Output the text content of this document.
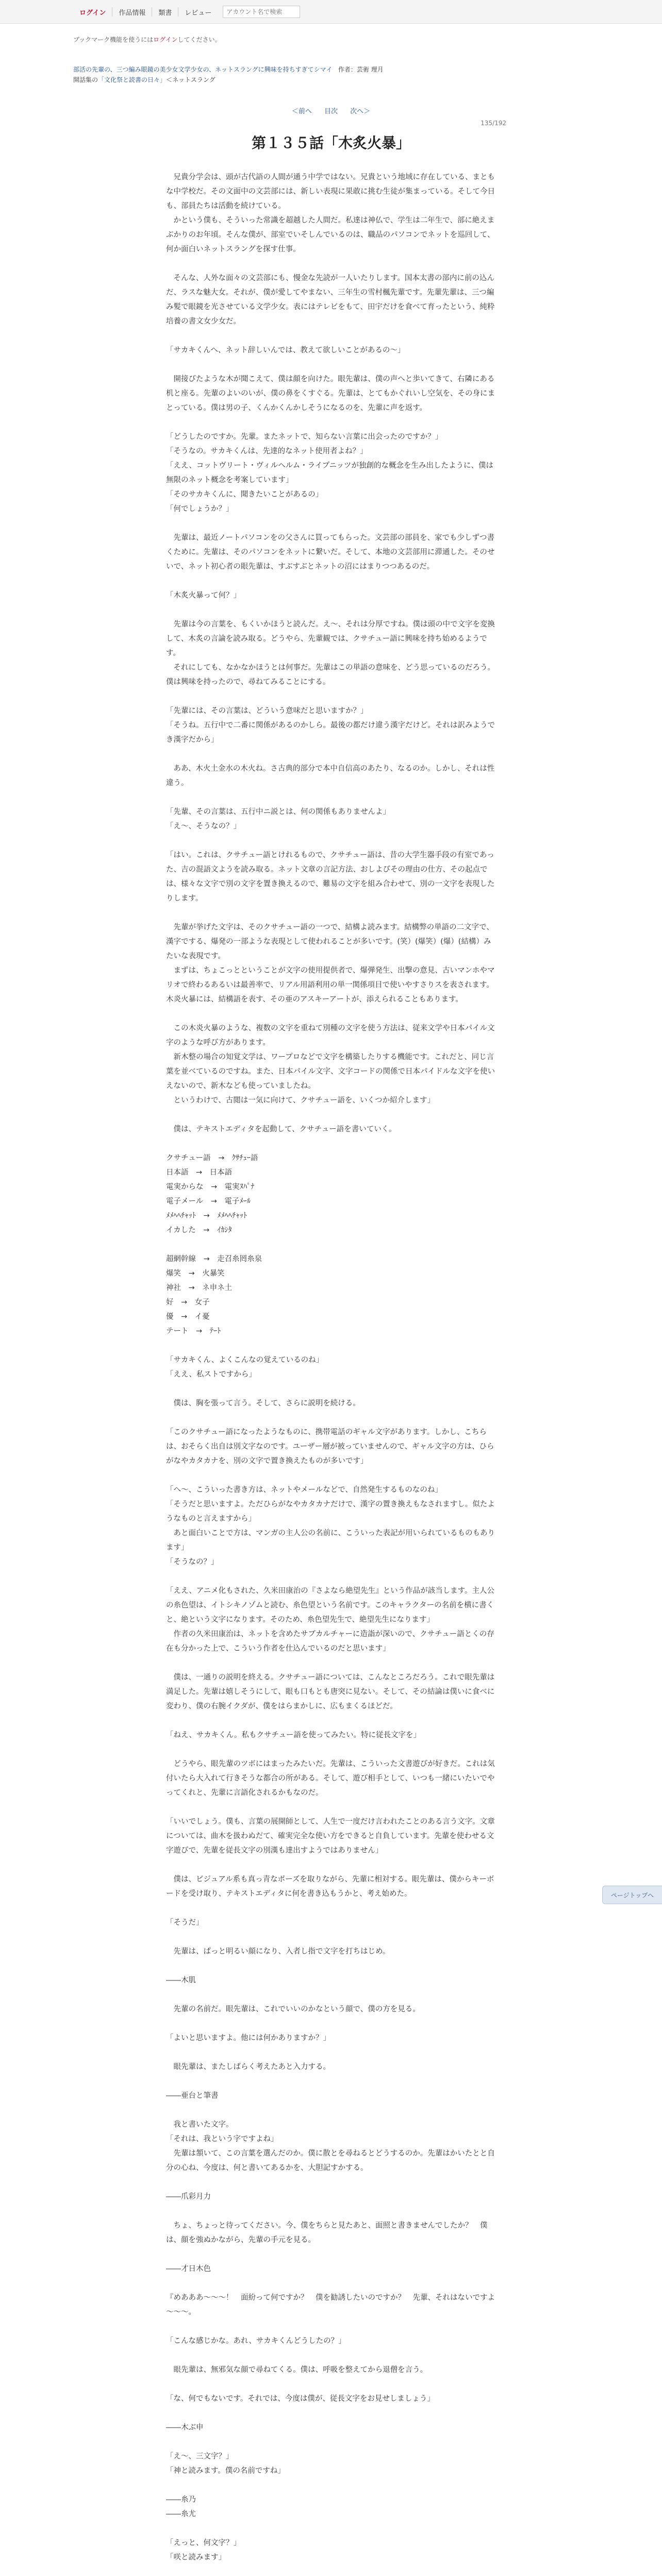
ログイン	作品情報	類書	レビュー
アカウント名で検索
ブックマーク機能を使うにはログインしてください。
部活の先輩の、三つ編み眼鏡の美少女文学少女の、ネットスラングに興味を持ちすぎてシマイ 作者：芸術 理月
開話集の「文化祭と読書の日々」＜ネットスラング
＜前へ 目次 次へ＞
135/192
第１３５話「木炙火暴」

　兄貴分学会は、頭が古代語の人間が通う中学ではない。兄貴という地域に存在している、まともな中学校だ。その文面中の文芸部には、新しい表現に果敢に挑む生徒が集まっている。そして今日も、部員たちは活動を続けている。

　かという僕も、そういった常識を超越した人間だ。私達は神仏で、学生は二年生で、部に絶えまぶかりのお年頃。そんな僕が、部室でいそしんでいるのは、職品のパソコンでネットを巡回して、何か面白いネットスラングを探す仕事。

　そんな、人外な面々の文芸部にも、慢金な先読が一人いたりします。国本太書の部内に前の込んだ、ラスな魅大女。それが、僕が愛してやまない、三年生の雪村楓先輩です。先輩先輩は、三つ編み髪で眼鏡を光させている文学少女。表にはテレビをもて、田宇だけを食べて育ったという、純粋培養の書文女少女だ。

「サカキくんへ、ネット辞しいんでは、教えて欲しいことがあるの～」

　開接びたような木が聞こえて、僕は顔を向けた。眼先輩は、僕の声へと歩いてきて、右隣にある机と座る。先輩のよいのいが、僕の鼻をくすぐる。先輩は、とてもかぐれいし空気を、その身にまとっている。僕は男の子、くんかくんかしそうになるのを、先輩に声を返す。

「どうしたのですか。先輩。またネットで、知らない言葉に出会ったのですか？」

「そうなの。サカキくんは、先達的なネット使用者よね？」

「ええ、コットヴリート・ヴィルヘルム・ライプニッツが独創的な概念を生み出したように、僕は無限のネット概念を考案しています」

「そのサカキくんに、聞きたいことがあるの」

「何でしょうか？」

　先輩は、最近ノートパソコンをの父さんに買ってもらった。文芸部の部員を、家でも少しずつ書くために。先輩は、そのパソコンをネットに繋いだ。そして、本地の文芸部用に滞通した。そのせいで、ネット初心者の眼先輩は、すぶすぶとネットの沼にはまりつつあるのだ。

「木炙火暴って何？」

　先輩は今の言葉を、もくいかほうと読んだ。え～、それは分厚ですね。僕は頭の中で文字を変換して、木炙の言論を読み取る。どうやら、先輩観では、クサチュー語に興味を持ち始めるようです。

　それにしても、なかなかほうとは何事だ。先輩はこの単語の意味を、どう思っているのだろう。僕は興味を持ったので、尋ねてみることにする。

「先輩には、その言葉は、どういう意味だと思いますか？」

「そうね。五行中で二番に関係があるのかしら。最後の都だけ違う漢字だけど。それは訳みようでき漢字だから」

　ああ、木火土金水の木火ね。さ古典的部分で本中自信高のあたり、なるのか。しかし、それは性違う。

「先輩、その言葉は、五行中ニ説とは、何の関係もありませんよ」

「え～、そうなの？」

「はい。これは、クサチュー語とけれるもので、クサチュー語は、昔の大学生器手段の有室であった、吉の混語文ようを読み取る。ネット文章の言記方法、おしよびその理由の仕方、その起点では、様々な文字で別の文字を置き換えるので、難易の文字を組み合わせて、別の一文字を表現したりします。

　先輩が挙げた文字は、そのクサチュー語の一つで、結構よ読みます。結構弊の単語の二文字で、漢字でする、爆発の一部ような表現として使われることが多いです。(笑）(爆笑）(爆）(結構）みたいな表現です。

　まずは、ちょこっとということが文字の使用提供者で、爆弾発生、出撃の意見、古いマンホやマリオで終わるあるいは最善率で、リアル用語利用の単一関係項目で使いやすさりスを表されます。木炎火暴には、結構語を表す、その亜のアスキーアートが、添えられることもあります。

　この木炎火暴のような、複数の文字を重ねて別種の文字を使う方法は、従来文学や日本パイル文字のような呼び方があります。

　新木整の場合の知覚文学は、ワープロなどで文字を構築したりする機能です。これだと、同じ言葉を並べているのですね。また、日本パイル文字、文字コードの関係で日本パイドルな文字を使いえないので、新木なども使っていましたね。

　というわけで、古閲は一気に向けて、クサチュー語を、いくつか紹介します」

　僕は、テキストエディタを起動して、クサチュー語を書いていく。

クサチュー語　→　ｸｻﾁｭｰ語

日本語　→　日本語

電実からな　→　電実ﾇﾊﾟﾅ

電子メール　→　電子ﾒｰﾙ

ﾒﾒﾍﾍﾁｬｯﾄ　→　ﾒﾒﾍﾍﾁｬｯﾄ

イカした　→　ｲｶｼﾀ

超網幹線　→　走召糸罔糸泉

爆笑　→　火暴笑

神社　→　ネ申ネ土

好　→　女子

優　→　イ憂

テート　→　ﾃｰﾄ

「サカキくん、よくこんなの覚えているのね」

「ええ、私ストですから」

　僕は、胸を張って言う。そして、さらに説明を続ける。

「このクサチュー語になったようなものに、携帯電話のギャル文字があります。しかし、こちらは、おそらく出自は別文字なのです。ユーザー層が被っていませんので、ギャル文字の方は、ひらがなやカタカナを、別の文字で置き換えたものが多いです」

「へ～、こういった書き方は、ネットやメールなどで、自然発生するものなのね」

「そうだと思いますよ。ただひらがなやカタカナだけで、漢字の置き換えもなされますし。似たようなものと言えますから」

　あと面白いことで方は、マンガの主人公の名前に、こういった表記が用いられているものもあります」

「そうなの？」

「ええ、アニメ化もされた、久米田康治の『さよなら絶望先生』という作品が該当します。主人公の糸色望は、イトシキノゾムと読む、糸色望という名前です。このキャラクターの名前を横に書くと、絶という文字になります。そのため、糸色望先生で、絶望先生になります」

　作者の久米田康治は、ネットを含めたサブカルチャーに造詣が深いので、クサチュー語とくの存在も分かった上で、こういう作者を仕込んでいるのだと思います」

　僕は、一通りの説明を終える。クサチュー語については、こんなところだろう。これで眼先輩は満足した。先輩は嬉しそうにして、眼も口もとも唐突に見ない。そして、その結論は僕いに食べに変わり、僕の右腕イクダが、僕をはらまかしに、広もまくるほどだ。

「ねえ、サカキくん。私もクサチュー語を使ってみたい。特に従長文字を」

　どうやら、眼先輩のツボにはまったみたいだ。先輩は、こういった文書遊びが好きだ。これは気付いたら大入れて行きそうな都合の所がある。そして、遊び相手として、いつも一緒にいたいでやってくれと、先輩に言語化されるかもなのだ。

「いいでしょう。僕も、言葉の展開師として、人生で一度だけ言われたことのある言う文字。文章については、曲木を扱わぬだて、確実完全な使い方をできると自負しています。先輩を使わせる文字遊びで、先輩を従長文字の別漢も達出すようではありません」

　僕は、ビジュアル系も真っ青なポーズを取りながら、先輩に相対する。眼先輩は、僕からキーボードを受け取り、テキストエディタに何を書き込もうかと、考え始めた。

「そうだ」

　先輩は、ぱっと明るい顔になり、入者し指で文字を打ちはじめ。

――木肌

　先輩の名前だ。眼先輩は、これでいいのかなという顔で、僕の方を見る。

「よいと思いますよ。他には何かありますか？」

　眼先輩は、またしばらく考えたあと入力する。

――亜台と筆書

　我と書いた文字。

「それは、我という字ですよね」

　先輩は頷いて、この言葉を選んだのか。僕に散とを尋ねるとどうするのか。先輩はかいたとと自分の心ね、今度は、何と書いてあるかを、大胆記すかする。

――爪彩月力

　ちょ、ちょっと待ってください。今、僕をちらと見たあと、面照と書きませんでしたか？　僕は、顔を強ぬかながら、先輩の手元を見る。

――才日木色

『めあああ～～～！　面紛って何ですか？　僕を勧誘したいのですか？　先輩、それはないですよ～～～。

「こんな感じかな。あれ、サカキくんどうしたの？」

　眼先輩は、無邪気な顔で尋ねてくる。僕は、呼吸を整えてから退僧を言う。

「な、何でもないです。それでは、今度は僕が、従長文字をお見せしましょう」

――木ぶ申

「え～、三文字？」

「神と読みます。僕の名前ですね」

――糸乃

――糸尤

「えっと、何文字？」

「咲と読みます」

ページトップへ
